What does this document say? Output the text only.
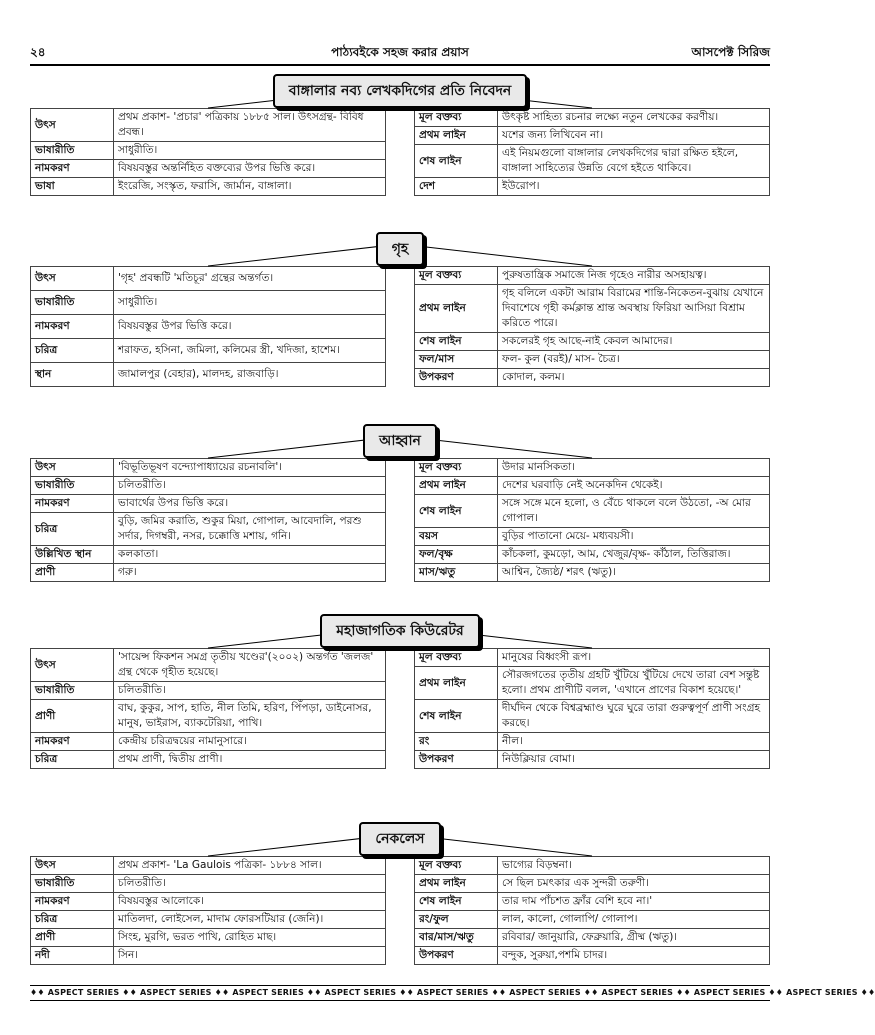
২৪	পাঠ্যবইকে সহজ করার প্রয়াস	আসপেক্ট সিরিজ
বাঙ্গালার নব্য লেখকদিগের প্রতি নিবেদন
উৎস	প্রথম প্রকাশ- 'প্রচার' পত্রিকায় ১৮৮৫ সাল। উৎসগ্রন্থ- বিবিধ প্রবন্ধ।
ভাষারীতি	সাধুরীতি।
নামকরণ	বিষয়বস্তুর অন্তর্নিহিত বক্তব্যের উপর ভিত্তি করে।
ভাষা	ইংরেজি, সংস্কৃত, ফরাসি, জার্মান, বাঙ্গালা।
মূল বক্তব্য	উৎকৃষ্ট সাহিত্য রচনার লক্ষ্যে নতুন লেখকের করণীয়।
প্রথম লাইন	যশের জন্য লিখিবেন না।
শেষ লাইন	এই নিয়মগুলো বাঙ্গালার লেখকদিগের দ্বারা রক্ষিত হইলে, বাঙ্গালা সাহিত্যের উন্নতি বেগে হইতে থাকিবে।
দেশ	ইউরোপ।
গৃহ
উৎস	'গৃহ' প্রবন্ধটি 'মতিচূর' গ্রন্থের অন্তর্গত।
ভাষারীতি	সাধুরীতি।
নামকরণ	বিষয়বস্তুর উপর ভিত্তি করে।
চরিত্র	শরাফত, হসিনা, জমিলা, কলিমের স্ত্রী, খদিজা, হাশেম।
স্থান	জামালপুর (বেহার), মালদহ, রাজবাড়ি।
মূল বক্তব্য	পুরুষতান্ত্রিক সমাজে নিজ গৃহেও নারীর অসহায়ত্ব।
প্রথম লাইন	গৃহ বলিলে একটা আরাম বিরামের শান্তি-নিকেতন-বুঝায় যেখানে দিবাশেষে গৃহী কর্মক্লান্ত শ্রান্ত অবস্থায় ফিরিয়া আসিয়া বিশ্রাম করিতে পারে।
শেষ লাইন	সকলেরই গৃহ আছে-নাই কেবল আমাদের।
ফল/মাস	ফল- কুল (বরই)/ মাস- চৈত্র।
উপকরণ	কোদাল, কলম।
আহ্বান
উৎস	'বিভূতিভূষণ বন্দ্যোপাধ্যায়ের রচনাবলি'।
ভাষারীতি	চলিতরীতি।
নামকরণ	ভাবার্থের উপর ভিত্তি করে।
চরিত্র	বুড়ি, জমির করাতি, শুকুর মিয়া, গোপাল, আবেদালি, পরশু সর্দার, দিগম্বরী, নসর, চক্কোত্তি মশায়, গনি।
উল্লিখিত স্থান	কলকাতা।
প্রাণী	গরু।
মূল বক্তব্য	উদার মানসিকতা।
প্রথম লাইন	দেশের ঘরবাড়ি নেই অনেকদিন থেকেই।
শেষ লাইন	সঙ্গে সঙ্গে মনে হলো, ও বেঁচে থাকলে বলে উঠতো, -অ মোর গোপাল।
বয়স	বুড়ির পাতানো মেয়ে- মধ্যবয়সী।
ফল/বৃক্ষ	কাঁচকলা, কুমড়ো, আম, খেজুর/বৃক্ষ- কাঁঠাল, তিত্তিরাজ।
মাস/ঋতু	আশ্বিন, জ্যৈষ্ঠ/ শরৎ (ঋতু)।
মহাজাগতিক কিউরেটর
উৎস	'সায়েন্স ফিকশন সমগ্র তৃতীয় খণ্ডের'(২০০২) অন্তর্গত 'জলজ' গ্রন্থ থেকে গৃহীত হয়েছে।
ভাষারীতি	চলিতরীতি।
প্রাণী	বাঘ, কুকুর, সাপ, হাতি, নীল তিমি, হরিণ, পিঁপড়া, ডাইনোসর, মানুষ, ভাইরাস, ব্যাকটেরিয়া, পাখি।
নামকরণ	কেন্দ্রীয় চরিত্রদ্বয়ের নামানুসারে।
চরিত্র	প্রথম প্রাণী, দ্বিতীয় প্রাণী।
মূল বক্তব্য	মানুষের বিধ্বংসী রূপ।
প্রথম লাইন	সৌরজগতের তৃতীয় গ্রহটি খুঁটিয়ে খুঁটিয়ে দেখে তারা বেশ সন্তুষ্ট হলো। প্রথম প্রাণীটি বলল, 'এখানে প্রাণের বিকাশ হয়েছে।'
শেষ লাইন	দীর্ঘদিন থেকে বিশ্বব্রহ্মাণ্ড ঘুরে ঘুরে তারা গুরুত্বপূর্ণ প্রাণী সংগ্রহ করছে।
রং	নীল।
উপকরণ	নিউক্লিয়ার বোমা।
নেকলেস
উৎস	প্রথম প্রকাশ- 'La Gaulois পত্রিকা- ১৮৮৪ সাল।
ভাষারীতি	চলিতরীতি।
নামকরণ	বিষয়বস্তুর আলোকে।
চরিত্র	মাতিলদা, লোইসেল, মাদাম ফোরসটিয়ার (জেনি)।
প্রাণী	সিংহ, মুরগি, ভরত পাখি, রোহিত মাছ।
নদী	সিন।
মূল বক্তব্য	ভাগ্যের বিড়ম্বনা।
প্রথম লাইন	সে ছিল চমৎকার এক সুন্দরী তরুণী।
শেষ লাইন	তার দাম পাঁচশত ফ্রাঁর বেশি হবে না।'
রং/ফুল	লাল, কালো, গোলাপি/ গোলাপ।
বার/মাস/ঋতু	রবিবার/ জানুয়ারি, ফেব্রুয়ারি, গ্রীষ্ম (ঋতু)।
উপকরণ	বন্দুক, সুরুয়া,পশমি চাদর।
♦♦ ASPECT SERIES ♦♦ ASPECT SERIES ♦♦ ASPECT SERIES ♦♦ ASPECT SERIES ♦♦ ASPECT SERIES ♦♦ ASPECT SERIES ♦♦ ASPECT SERIES ♦♦ ASPECT SERIES ♦♦ ASPECT SERIES ♦♦
